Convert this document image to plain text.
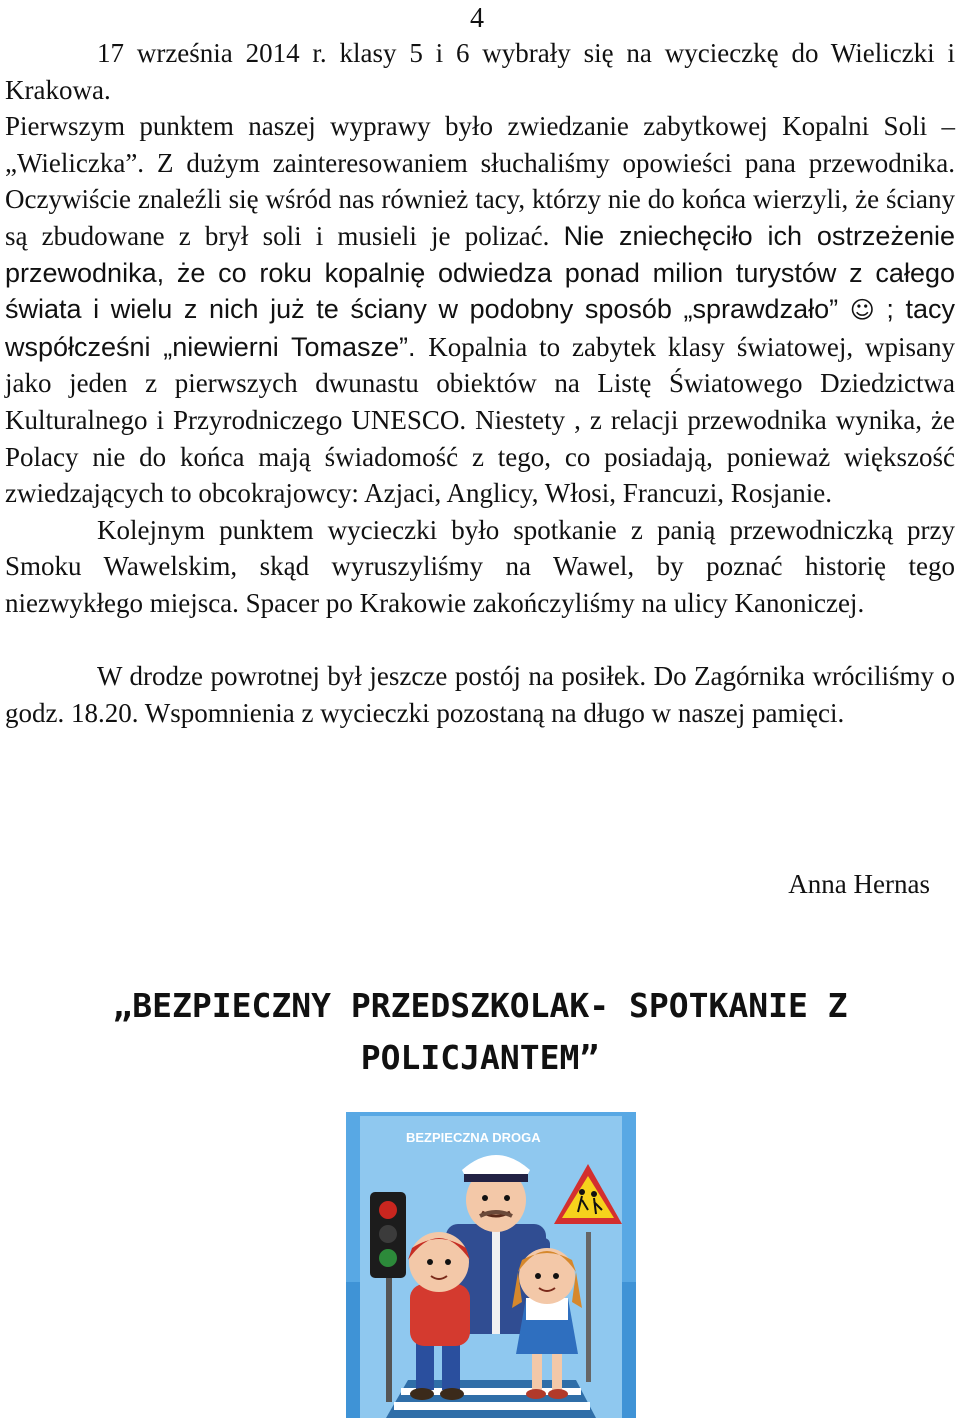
4

17 września 2014 r. klasy 5 i 6 wybrały się na wycieczkę do Wieliczki i Krakowa.

Pierwszym punktem naszej wyprawy było zwiedzanie zabytkowej Kopalni Soli – „Wieliczka”. Z dużym zainteresowaniem słuchaliśmy opowieści pana przewodnika. Oczywiście znaleźli się wśród nas również tacy, którzy nie do końca wierzyli, że ściany są zbudowane z brył soli i musieli je polizać. Nie zniechęciło ich ostrzeżenie przewodnika, że co roku kopalnię odwiedza ponad milion turystów z całego świata i wielu z nich już te ściany w podobny sposób „sprawdzało” ☺ ; tacy współcześni „niewierni Tomasze”. Kopalnia to zabytek klasy światowej, wpisany jako jeden z pierwszych dwunastu obiektów na Listę Światowego Dziedzictwa Kulturalnego i Przyrodniczego UNESCO. Niestety , z relacji przewodnika wynika, że Polacy nie do końca mają świadomość z tego, co posiadają, ponieważ większość zwiedzających to obcokrajowcy: Azjaci, Anglicy, Włosi, Francuzi, Rosjanie.

Kolejnym punktem wycieczki było spotkanie z panią przewodniczką przy Smoku Wawelskim, skąd wyruszyliśmy na Wawel, by poznać historię tego niezwykłego miejsca. Spacer po Krakowie zakończyliśmy na ulicy Kanoniczej.

W drodze powrotnej był jeszcze postój na posiłek. Do Zagórnika wróciliśmy o godz. 18.20. Wspomnienia z wycieczki pozostaną na długo w naszej pamięci.

Anna Hernas
„BEZPIECZNY PRZEDSZKOLAK- SPOTKANIE Z
POLICJANTEM”
BEZPIECZNA DROGA
